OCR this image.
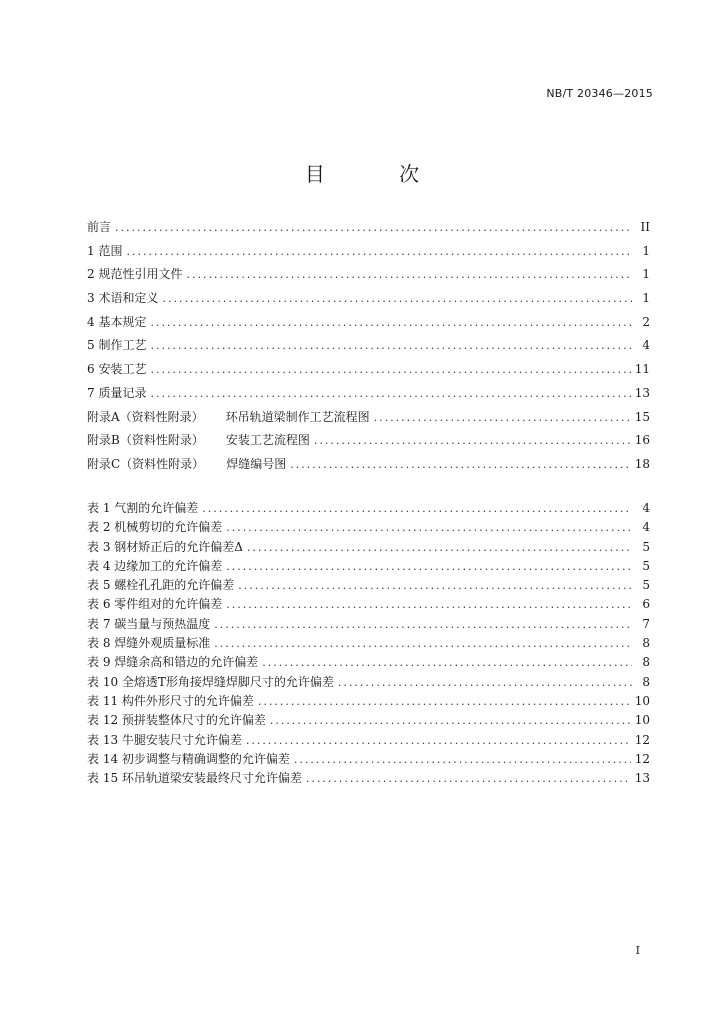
NB/T 20346—2015
目 次
前言 .....	II
1 范围 .....	1
2 规范性引用文件 .....	1
3 术语和定义 .....	1
4 基本规定 .....	2
5 制作工艺 .....	4
6 安装工艺 .....	11
7 质量记录 .....	13
附录A（资料性附录） 环吊轨道梁制作工艺流程图 .....	15
附录B（资料性附录） 安装工艺流程图 .....	16
附录C（资料性附录） 焊缝编号图 .....	18
表 1 气割的允许偏差 .....	4
表 2 机械剪切的允许偏差 .....	4
表 3 钢材矫正后的允许偏差Δ .....	5
表 4 边缘加工的允许偏差 .....	5
表 5 螺栓孔孔距的允许偏差 .....	5
表 6 零件组对的允许偏差 .....	6
表 7 碳当量与预热温度 .....	7
表 8 焊缝外观质量标准 .....	8
表 9 焊缝余高和错边的允许偏差 .....	8
表 10 全熔透T形角接焊缝焊脚尺寸的允许偏差 .....	8
表 11 构件外形尺寸的允许偏差 .....	10
表 12 预拼装整体尺寸的允许偏差 .....	10
表 13 牛腿安装尺寸允许偏差 .....	12
表 14 初步调整与精确调整的允许偏差 .....	12
表 15 环吊轨道梁安装最终尺寸允许偏差 .....	13
I
